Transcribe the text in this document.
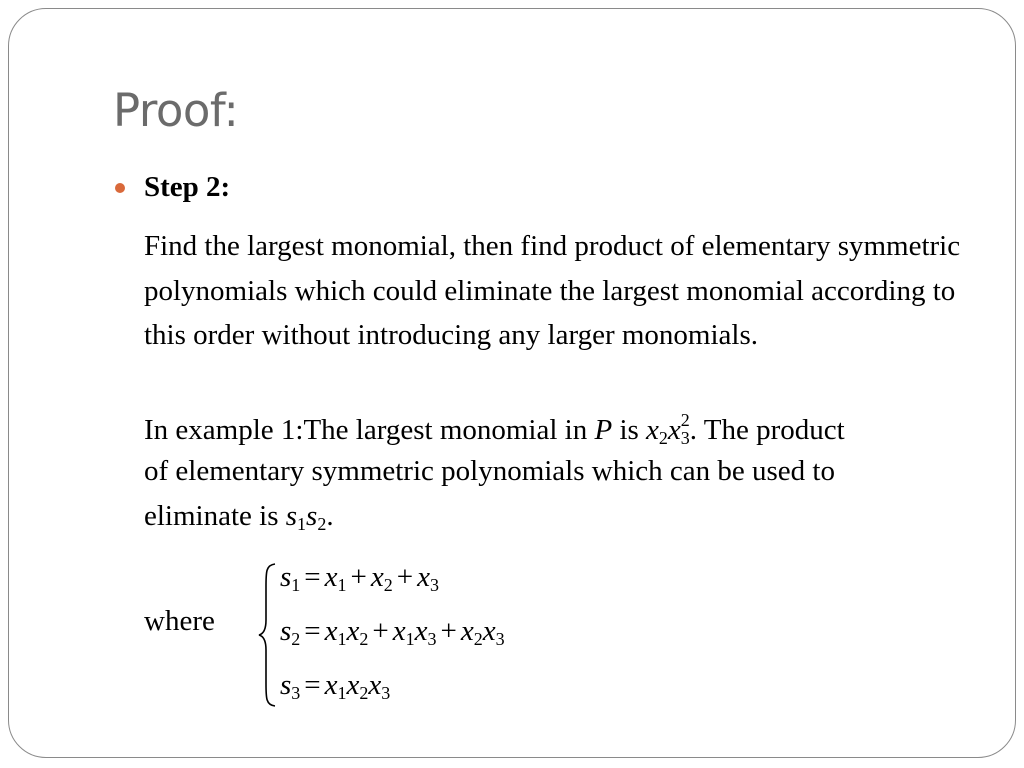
Proof:
Step 2:
Find the largest monomial, then find product of elementary symmetric polynomials which could eliminate the largest monomial according to this order without introducing any larger monomials.
In example 1:The largest monomial in P is $x_2x_3^2$. The product
of elementary symmetric polynomials which can be used to
eliminate is $s_1s_2$.
where
$s_1 = x_1 + x_2 + x_3$
$s_2 = x_1x_2 + x_1x_3 + x_2x_3$
$s_3 = x_1x_2x_3$
